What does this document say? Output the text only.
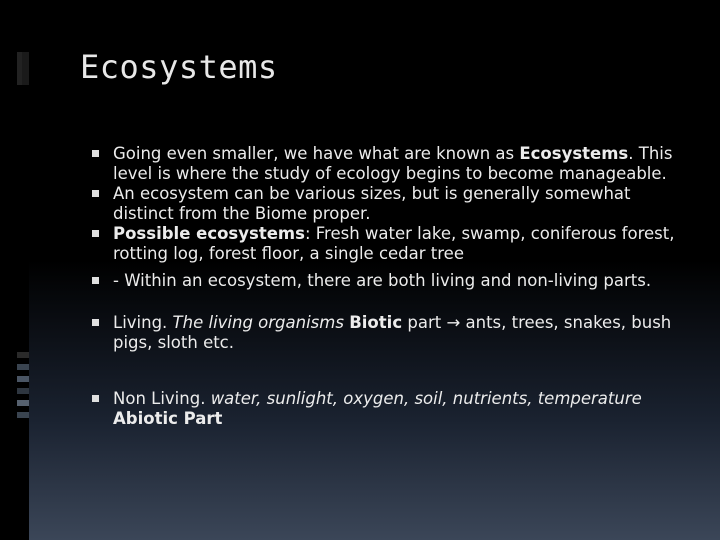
Ecosystems
Going even smaller, we have what are known as Ecosystems. This level is where the study of ecology begins to become manageable.
An ecosystem can be various sizes, but is generally somewhat distinct from the Biome proper.
Possible ecosystems: Fresh water lake, swamp, coniferous forest, rotting log, forest floor, a single cedar tree
- Within an ecosystem, there are both living and non-living parts.
Living. The living organisms Biotic part → ants, trees, snakes, bush pigs, sloth etc.
Non Living. water, sunlight, oxygen, soil, nutrients, temperature
Abiotic Part
